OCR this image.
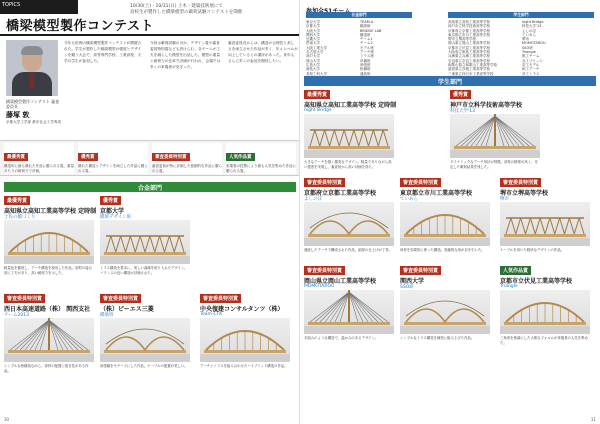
TOPICS	10/30(土)・10/31(日) 土木・建築技術展にて
高校生が製作した橋梁模型の載荷試験コンテストを開催
橋梁模型製作コンテスト
橋梁模型製作コンテスト 審査委員長
藤塚 敦
京都大学工学部 都市社会工学専攻
今年も恒例の橋梁模型製作コンテストが開催された。学生が製作した橋梁模型の強度とデザインを競う大会で、高等専門学校、工業高校、大学の学生が参加した。
今回は載荷試験のほか、デザイン賞や審査委員特別賞なども設けられ、各チームが工夫を凝らした模型を出品した。模型の重量と耐荷力の比率で評価が行われ、会場では多くの来場者が見守った。
審査委員長からは、構造の合理性と美しさを両立させた作品が多く、年々レベルが向上しているとの講評があった。来年もさらに多くの参加を期待したい。
最優秀賞
構造的に最も優れた作品に贈られる賞。重量あたりの耐荷力で評価。
優秀賞
優れた構造とデザインを両立した作品に贈られる賞。
審査委員特別賞
審査委員が特に評価した独創的な作品に贈られる賞。
人気作品賞
来場者の投票により最も人気を集めた作品に贈られる賞。
合金部門
最優秀賞
高知県立高知工業高等学校 定時制
土佐の橋づくり
軽量化を徹底し、アーチ構造を採用した作品。部材の接合部に工夫があり、高い耐荷力を示した。
優秀賞
京都大学
橋梁デザイン班
トラス構造を基本に、美しい曲線を取り入れたデザイン。バランスの良い構造が評価された。
審査委員特別賞
西日本高速道路（株） 関西支社
チーム2013
シンプルな桁構造ながら、部材の配置に独自性がある作品。
審査委員特別賞
（株）ピーエス三菱
橋梁班
斜張橋をモチーフにした作品。ケーブルの配置が美しい。
審査委員特別賞
中央復建コンサルタンツ（株）
Team-CFK
アーチとトラスを組み合わせたハイブリッド構造の作品。
30
合金部門	学生部門
東京大学
京都大学
大阪大学
関西大学
近畿大学
摂南大学
大阪工業大学
名古屋大学
神戸大学
岡山大学
広島大学
徳島大学
高知工科大学
TEAM-A
橋梁研
BRIDGE LAB
構造研
チーム1
チーム2
モデル班
アーチ班
トラス班
吊橋班
斜張班
桁橋班
連続班
高知県立高知工業高等学校
神戸市立科学技術高等学校
京都府立京都工業高等学校
東京都立市川工業高等学校
堺市立堺高等学校
岡山県立岡山工業高等学校
京都市立伏見工業高等学校
大阪府立都島工業高等学校
兵庫県立兵庫工業高等学校
奈良県立奈良工業高等学校
和歌山県立和歌山工業高等学校
滋賀県立彦根工業高等学校
三重県立四日市工業高等学校
night Bridge
科技大学'13
よしのぼ
ていあら
堺市
MOMOTAROU
SSO研
Triangle
都工チーム
兵工ブリッジ
奈工モデル
和工アーチ
彦工トラス
学生部門
最優秀賞
高知県立高知工業高等学校 定時制
night Bridge
大きなアーチを描く優美なデザイン。軽量でありながら高い強度を実現し、審査員から高い評価を得た。
優秀賞
神戸市立科学技術高等学校
科技大学'13
ダイナミックなアーチ形状が特徴。部材の精度が高く、安定した載荷結果を残した。
審査委員特別賞
京都府立京都工業高等学校
よしのぼ
連続したアーチで構成された作品。細部の仕上げが丁寧。
審査委員特別賞
東京都立市川工業高等学校
ていあら
斜材を効果的に使った構造。独創的な形が目を引いた。
審査委員特別賞
堺市立堺高等学校
堺市
ケーブルを用いた軽快なデザインの作品。
審査委員特別賞
岡山県立岡山工業高等学校
MOMOTAROU
木組みのような構造で、温かみのあるデザイン。
審査委員特別賞
関西大学
SSO研
シンプルなトラス構造を緻密に組み上げた作品。
人気作品賞
京都市立伏見工業高等学校
Triangle
三角形を基調にした大胆なフォルムが来場者の人気を集めた。
31
